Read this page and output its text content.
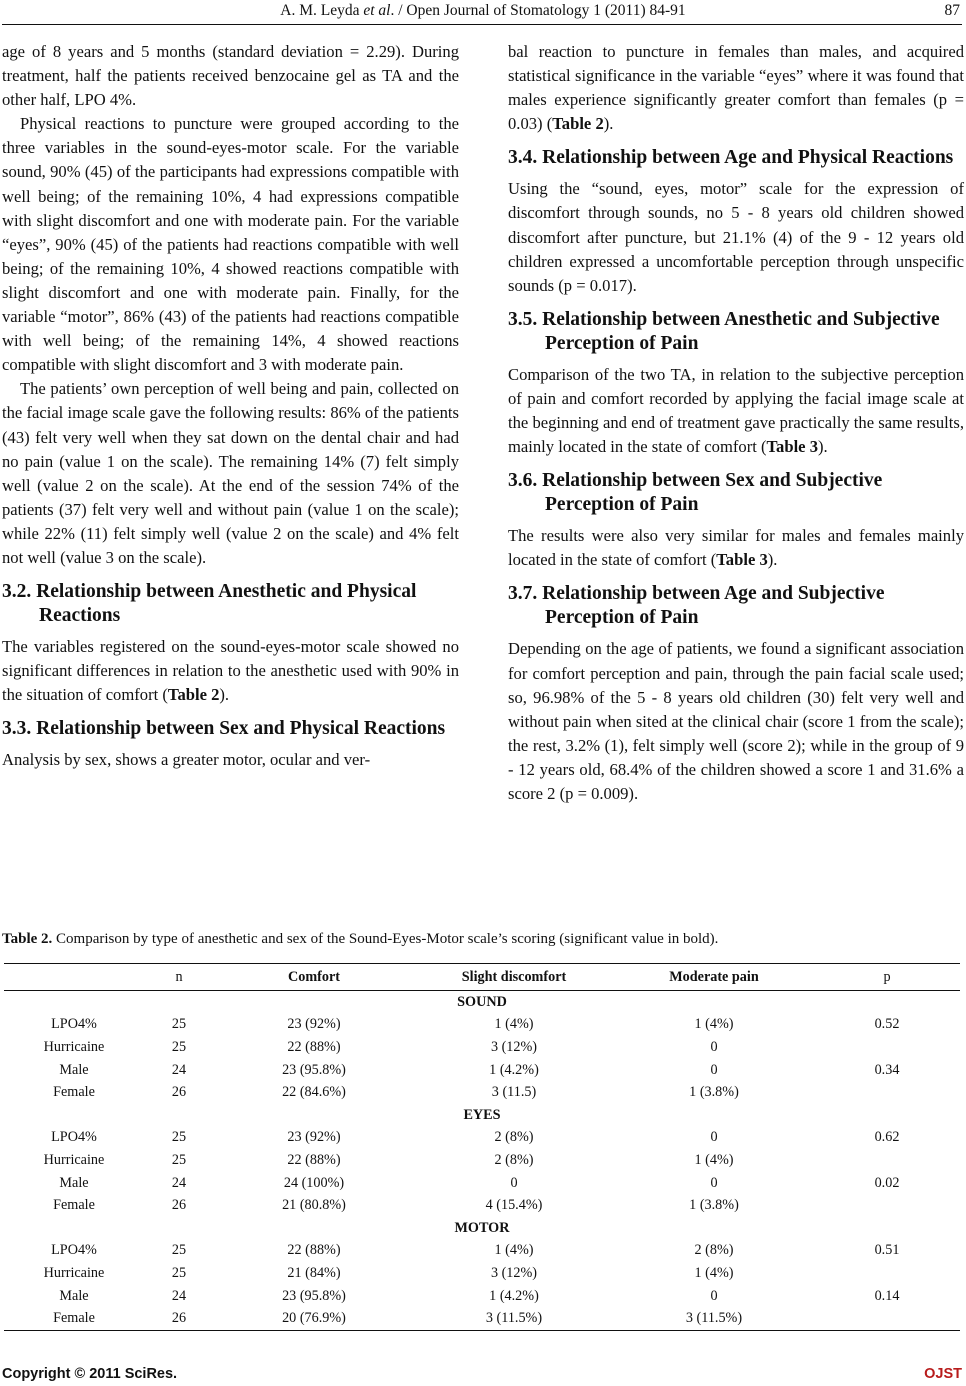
A. M. Leyda et al. / Open Journal of Stomatology 1 (2011) 84-91	87

age of 8 years and 5 months (standard deviation = 2.29). During treatment, half the patients received benzocaine gel as TA and the other half, LPO 4%.

Physical reactions to puncture were grouped according to the three variables in the sound-eyes-motor scale. For the variable sound, 90% (45) of the participants had expressions compatible with well being; of the remaining 10%, 4 had expressions compatible with slight discomfort and one with moderate pain. For the variable “eyes”, 90% (45) of the patients had reactions compatible with well being; of the remaining 10%, 4 showed reactions compatible with slight discomfort and one with moderate pain. Finally, for the variable “motor”, 86% (43) of the patients had reactions compatible with well being; of the remaining 14%, 4 showed reactions compatible with slight discomfort and 3 with moderate pain.

The patients’ own perception of well being and pain, collected on the facial image scale gave the following results: 86% of the patients (43) felt very well when they sat down on the dental chair and had no pain (value 1 on the scale). The remaining 14% (7) felt simply well (value 2 on the scale). At the end of the session 74% of the patients (37) felt very well and without pain (value 1 on the scale); while 22% (11) felt simply well (value 2 on the scale) and 4% felt not well (value 3 on the scale).

3.2. Relationship between Anesthetic and Physical Reactions

The variables registered on the sound-eyes-motor scale showed no significant differences in relation to the anesthetic used with 90% in the situation of comfort (Table 2).

3.3. Relationship between Sex and Physical Reactions

Analysis by sex, shows a greater motor, ocular and ver-

bal reaction to puncture in females than males, and acquired statistical significance in the variable “eyes” where it was found that males experience significantly greater comfort than females (p = 0.03) (Table 2).

3.4. Relationship between Age and Physical Reactions

Using the “sound, eyes, motor” scale for the expression of discomfort through sounds, no 5 - 8 years old children showed discomfort after puncture, but 21.1% (4) of the 9 - 12 years old children expressed a uncomfortable perception through unspecific sounds (p = 0.017).

3.5. Relationship between Anesthetic and Subjective Perception of Pain

Comparison of the two TA, in relation to the subjective perception of pain and comfort recorded by applying the facial image scale at the beginning and end of treatment gave practically the same results, mainly located in the state of comfort (Table 3).

3.6. Relationship between Sex and Subjective Perception of Pain

The results were also very similar for males and females mainly located in the state of comfort (Table 3).

3.7. Relationship between Age and Subjective Perception of Pain

Depending on the age of patients, we found a significant association for comfort perception and pain, through the pain facial scale used; so, 96.98% of the 5 - 8 years old children (30) felt very well and without pain when sited at the clinical chair (score 1 from the scale); the rest, 3.2% (1), felt simply well (score 2); while in the group of 9 - 12 years old, 68.4% of the children showed a score 1 and 31.6% a score 2 (p = 0.009).

Table 2. Comparison by type of anesthetic and sex of the Sound-Eyes-Motor scale’s scoring (significant value in bold).
	n	Comfort	Slight discomfort	Moderate pain	p
SOUND					
LPO4%	25	23 (92%)	1 (4%)	1 (4%)	0.52
Hurricaine	25	22 (88%)	3 (12%)	0	
Male	24	23 (95.8%)	1 (4.2%)	0	0.34
Female	26	22 (84.6%)	3 (11.5)	1 (3.8%)	
EYES					
LPO4%	25	23 (92%)	2 (8%)	0	0.62
Hurricaine	25	22 (88%)	2 (8%)	1 (4%)	
Male	24	24 (100%)	0	0	0.02
Female	26	21 (80.8%)	4 (15.4%)	1 (3.8%)	
MOTOR					
LPO4%	25	22 (88%)	1 (4%)	2 (8%)	0.51
Hurricaine	25	21 (84%)	3 (12%)	1 (4%)	
Male	24	23 (95.8%)	1 (4.2%)	0	0.14
Female	26	20 (76.9%)	3 (11.5%)	3 (11.5%)	
Copyright © 2011 SciRes.	OJST
